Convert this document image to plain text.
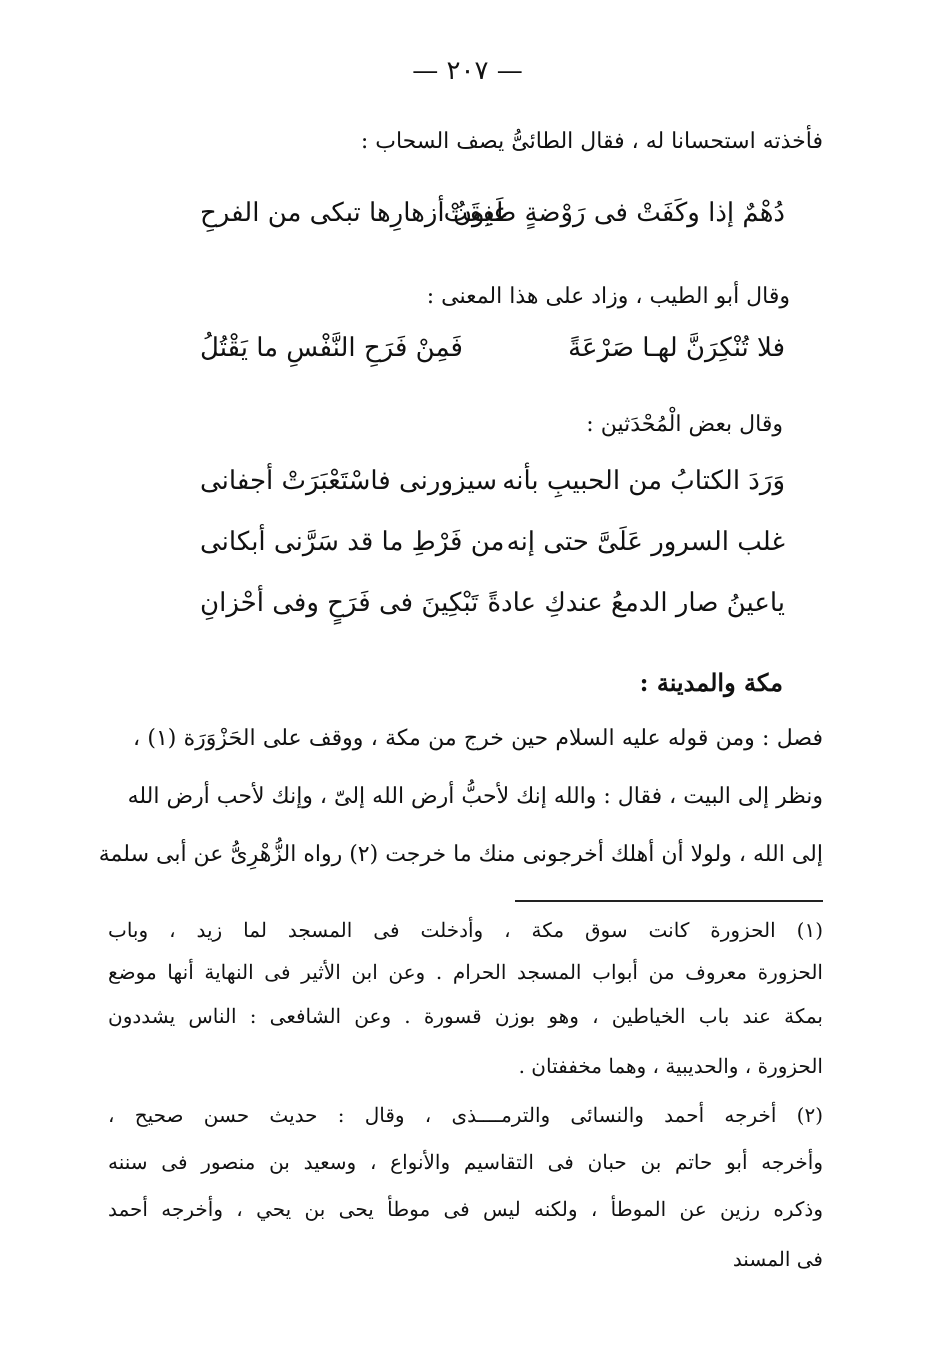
— ٢٠٧ —
فأخذته استحسانا له ، فقال الطائىُّ يصف السحاب :
دُهْمٌ إذا وكَفَتْ فى رَوْضةٍ طَفِقَتْ
عيونُ أزهارِها تبكى من الفرحِ
وقال أبو الطيب ، وزاد على هذا المعنى :
فلا تُنْكِرَنَّ لهـا صَرْعَةً
فَمِنْ فَرَحِ النَّفْسِ ما يَقْتُلُ
وقال بعض الْمُحْدَثين :
وَرَدَ الكتابُ من الحبيبِ بأنه
سيزورنى فاسْتَعْبَرَتْ أجفانى
غلب السرور عَلَىَّ حتى إنه
من فَرْطِ ما قد سَرَّنى أبكانى
ياعينُ صار الدمعُ عندكِ عادةً
تَبْكِينَ فى فَرَحٍ وفى أحْزانِ
مكة والمدينة :
فصل : ومن قوله عليه السلام حين خرج من مكة ، ووقف على الحَزْوَرَة (١) ،
ونظر إلى البيت ، فقال : والله إنك لأحبُّ أرض الله إلىّ ، وإنك لأحب أرض الله
إلى الله ، ولولا أن أهلك أخرجونى منك ما خرجت (٢) رواه الزُّهْرِىُّ عن أبى سلمة
(١) الحزورة كانت سوق مكة ، وأدخلت فى المسجد لما زيد ، وباب
الحزورة معروف من أبواب المسجد الحرام . وعن ابن الأثير فى النهاية أنها موضع
بمكة عند باب الخياطين ، وهو بوزن قسورة . وعن الشافعى : الناس يشددون
الحزورة ، والحديبية ، وهما مخففتان .
(٢) أخرجه أحمد والنسائى والترمــــذى ، وقال : حديث حسن صحيح ،
وأخرجه أبو حاتم بن حبان فى التقاسيم والأنواع ، وسعيد بن منصور فى سننه
وذكره رزين عن الموطأ ، ولكنه ليس فى موطأ يحى بن يحي ، وأخرجه أحمد
فى المسند
